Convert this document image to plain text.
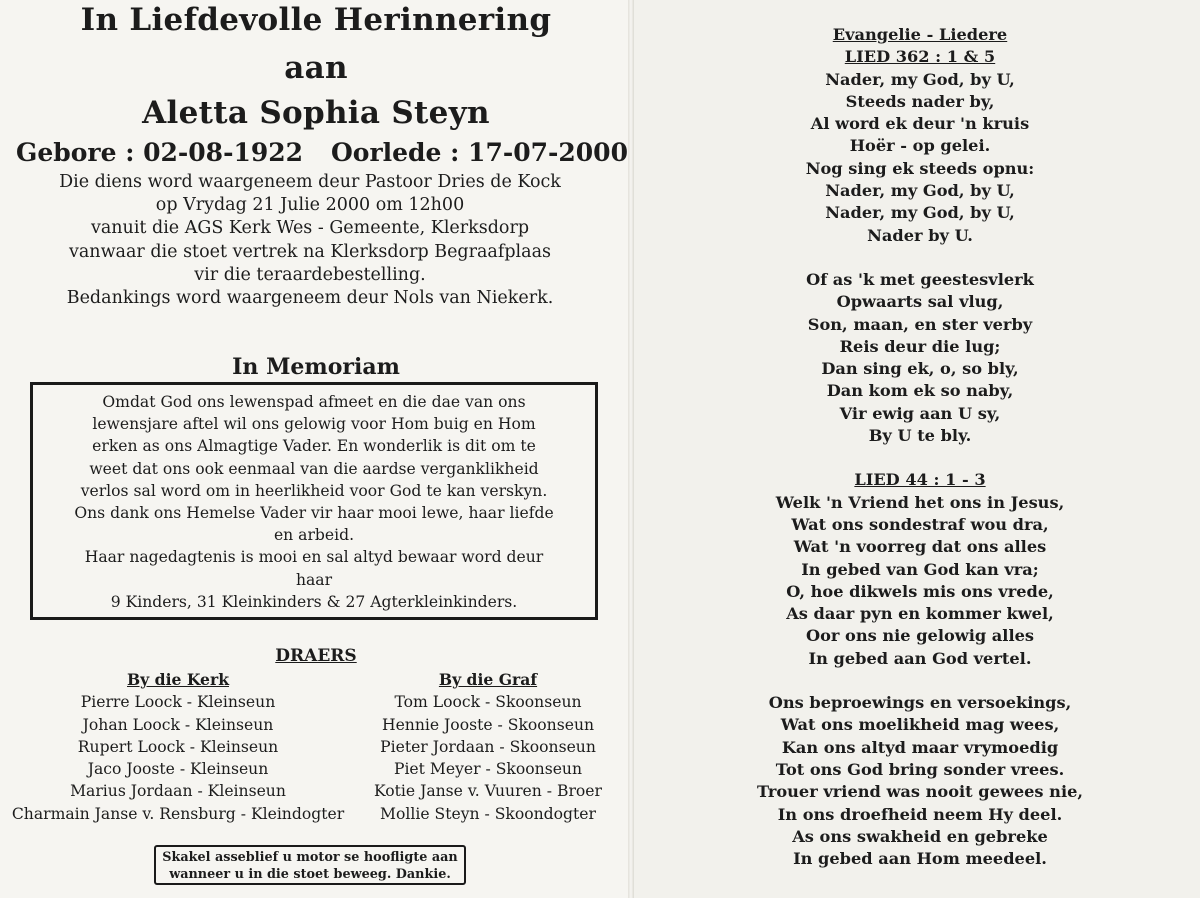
In Liefdevolle Herinnering
aan
Aletta Sophia Steyn
Gebore : 02-08-1922 Oorlede : 17-07-2000

Die diens word waargeneem deur Pastoor Dries de Kock

op Vrydag 21 Julie 2000 om 12h00

vanuit die AGS Kerk Wes - Gemeente, Klerksdorp

vanwaar die stoet vertrek na Klerksdorp Begraafplaas

vir die teraardebestelling.

Bedankings word waargeneem deur Nols van Niekerk.

In Memoriam

Omdat God ons lewenspad afmeet en die dae van ons

lewensjare aftel wil ons gelowig voor Hom buig en Hom

erken as ons Almagtige Vader. En wonderlik is dit om te

weet dat ons ook eenmaal van die aardse verganklikheid

verlos sal word om in heerlikheid voor God te kan verskyn.

Ons dank ons Hemelse Vader vir haar mooi lewe, haar liefde

en arbeid.

Haar nagedagtenis is mooi en sal altyd bewaar word deur

haar

9 Kinders, 31 Kleinkinders & 27 Agterkleinkinders.

DRAERS

By die Kerk

Pierre Loock - Kleinseun

Johan Loock - Kleinseun

Rupert Loock - Kleinseun

Jaco Jooste - Kleinseun

Marius Jordaan - Kleinseun

Charmain Janse v. Rensburg - Kleindogter

By die Graf

Tom Loock - Skoonseun

Hennie Jooste - Skoonseun

Pieter Jordaan - Skoonseun

Piet Meyer - Skoonseun

Kotie Janse v. Vuuren - Broer

Mollie Steyn - Skoondogter

Skakel asseblief u motor se hoofligte aan
wanneer u in die stoet beweeg. Dankie.

Evangelie - Liedere

LIED 362 : 1 & 5

Nader, my God, by U,

Steeds nader by,

Al word ek deur 'n kruis

Hoër - op gelei.

Nog sing ek steeds opnu:

Nader, my God, by U,

Nader, my God, by U,

Nader by U.

Of as 'k met geestesvlerk

Opwaarts sal vlug,

Son, maan, en ster verby

Reis deur die lug;

Dan sing ek, o, so bly,

Dan kom ek so naby,

Vir ewig aan U sy,

By U te bly.

LIED 44 : 1 - 3

Welk 'n Vriend het ons in Jesus,

Wat ons sondestraf wou dra,

Wat 'n voorreg dat ons alles

In gebed van God kan vra;

O, hoe dikwels mis ons vrede,

As daar pyn en kommer kwel,

Oor ons nie gelowig alles

In gebed aan God vertel.

Ons beproewings en versoekings,

Wat ons moelikheid mag wees,

Kan ons altyd maar vrymoedig

Tot ons God bring sonder vrees.

Trouer vriend was nooit gewees nie,

In ons droefheid neem Hy deel.

As ons swakheid en gebreke

In gebed aan Hom meedeel.
